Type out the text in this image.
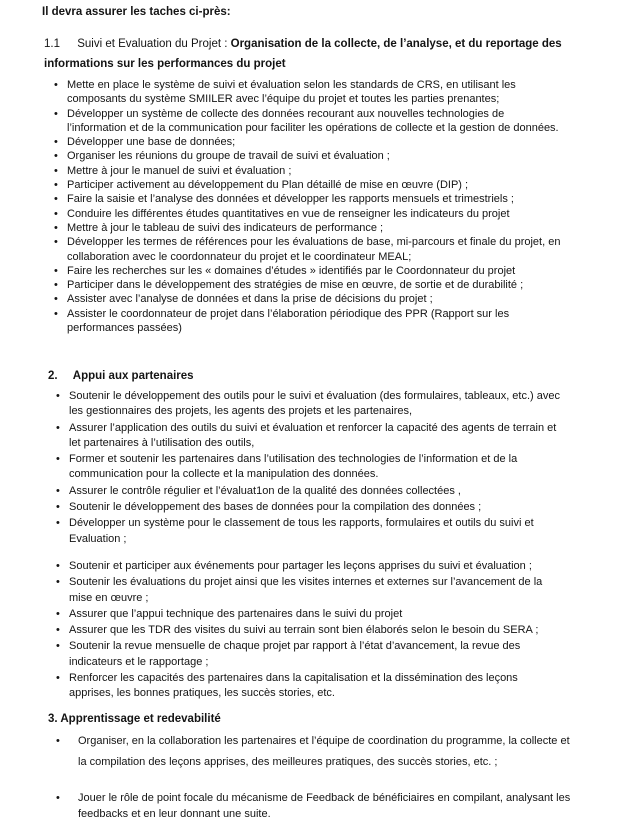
Il devra assurer les taches ci-près:
1.1 Suivi et Evaluation du Projet : Organisation de la collecte, de l’analyse, et du reportage des informations sur les performances du projet
• Mette en place le système de suivi et évaluation selon les standards de CRS, en utilisant les composants du système SMIILER avec l’équipe du projet et toutes les parties prenantes;
• Développer un système de collecte des données recourant aux nouvelles technologies de l’information et de la communication pour faciliter les opérations de collecte et la gestion de données.
• Développer une base de données;
• Organiser les réunions du groupe de travail de suivi et évaluation ;
• Mettre à jour le manuel de suivi et évaluation ;
• Participer activement au développement du Plan détaillé de mise en œuvre (DIP) ;
• Faire la saisie et l’analyse des données et développer les rapports mensuels et trimestriels ;
• Conduire les différentes études quantitatives en vue de renseigner les indicateurs du projet
• Mettre à jour le tableau de suivi des indicateurs de performance ;
• Développer les termes de références pour les évaluations de base, mi-parcours et finale du projet, en collaboration avec le coordonnateur du projet et le coordinateur MEAL;
• Faire les recherches sur les « domaines d’études » identifiés par le Coordonnateur du projet
• Participer dans le développement des stratégies de mise en œuvre, de sortie et de durabilité ;
• Assister avec l’analyse de données et dans la prise de décisions du projet ;
• Assister le coordonnateur de projet dans l’élaboration périodique des PPR (Rapport sur les performances passées)
2. Appui aux partenaires
• Soutenir le développement des outils pour le suivi et évaluation (des formulaires, tableaux, etc.) avec les gestionnaires des projets, les agents des projets et les partenaires,
• Assurer l’application des outils du suivi et évaluation et renforcer la capacité des agents de terrain et let partenaires à l’utilisation des outils,
• Former et soutenir les partenaires dans l’utilisation des technologies de l’information et de la communication pour la collecte et la manipulation des données.
• Assurer le contrôle régulier et l’évaluat1on de la qualité des données collectées ,
• Soutenir le développement des bases de données pour la compilation des données ;
• Développer un système pour le classement de tous les rapports, formulaires et outils du suivi et Evaluation ;
• Soutenir et participer aux événements pour partager les leçons apprises du suivi et évaluation ;
• Soutenir les évaluations du projet ainsi que les visites internes et externes sur l’avancement de la mise en œuvre ;
• Assurer que l’appui technique des partenaires dans le suivi du projet
• Assurer que les TDR des visites du suivi au terrain sont bien élaborés selon le besoin du SERA ;
• Soutenir la revue mensuelle de chaque projet par rapport à l’état d’avancement, la revue des indicateurs et le rapportage ;
• Renforcer les capacités des partenaires dans la capitalisation et la dissémination des leçons apprises, les bonnes pratiques, les succès stories, etc.
3. Apprentissage et redevabilité
• Organiser, en la collaboration les partenaires et l’équipe de coordination du programme, la collecte et la compilation des leçons apprises, des meilleures pratiques, des succès stories, etc. ;
• Jouer le rôle de point focale du mécanisme de Feedback de bénéficiaires en compilant, analysant les feedbacks et en leur donnant une suite.
